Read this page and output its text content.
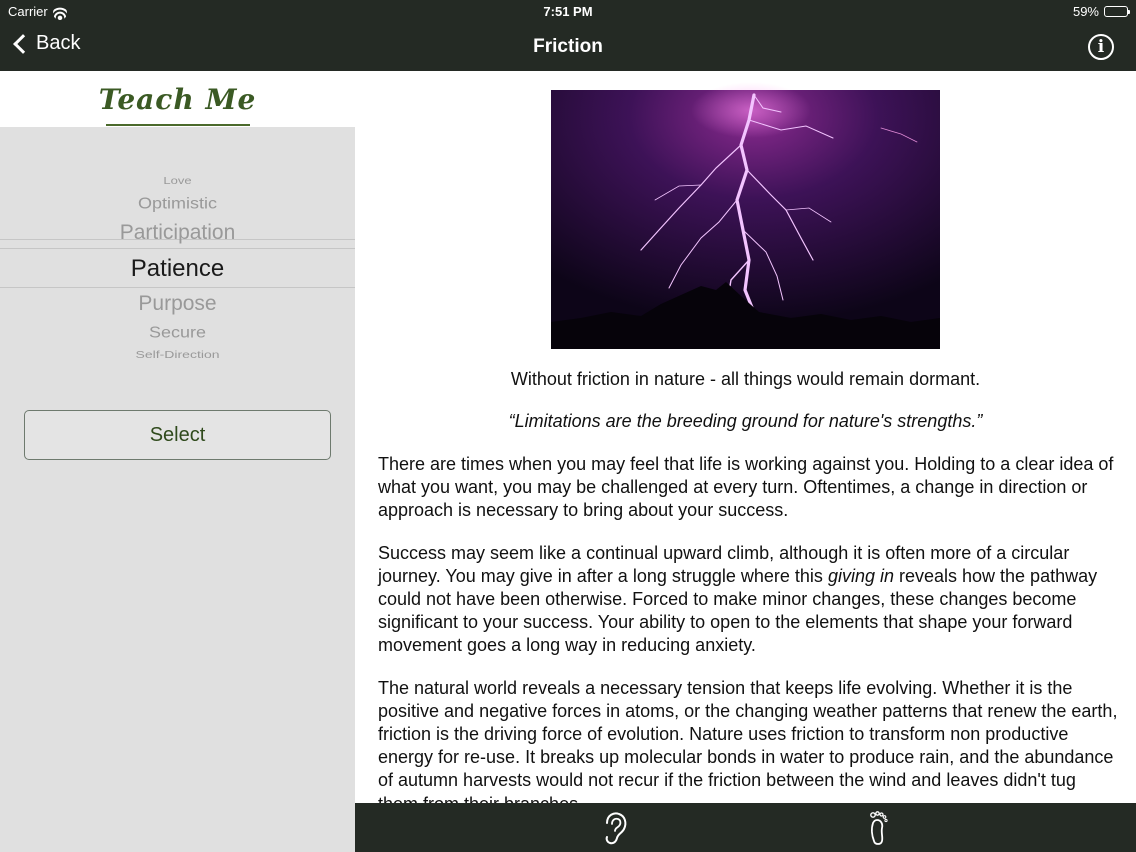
Carrier	7:51 PM	59%
Back	Friction	i
Teach Me
Love
Optimistic
Participation
Patience
Purpose
Secure
Self-Direction
Select
Without friction in nature - all things would remain dormant.
“Limitations are the breeding ground for nature's strengths.”

There are times when you may feel that life is working against you. Holding to a clear idea of what you want, you may be challenged at every turn. Oftentimes, a change in direction or approach is necessary to bring about your success.

Success may seem like a continual upward climb, although it is often more of a circular journey. You may give in after a long struggle where this giving in reveals how the pathway could not have been otherwise. Forced to make minor changes, these changes become significant to your success. Your ability to open to the elements that shape your forward movement goes a long way in reducing anxiety.

The natural world reveals a necessary tension that keeps life evolving. Whether it is the positive and negative forces in atoms, or the changing weather patterns that renew the earth, friction is the driving force of evolution. Nature uses friction to transform non productive energy for re-use. It breaks up molecular bonds in water to produce rain, and the abundance of autumn harvests would not recur if the friction between the wind and leaves didn't tug
